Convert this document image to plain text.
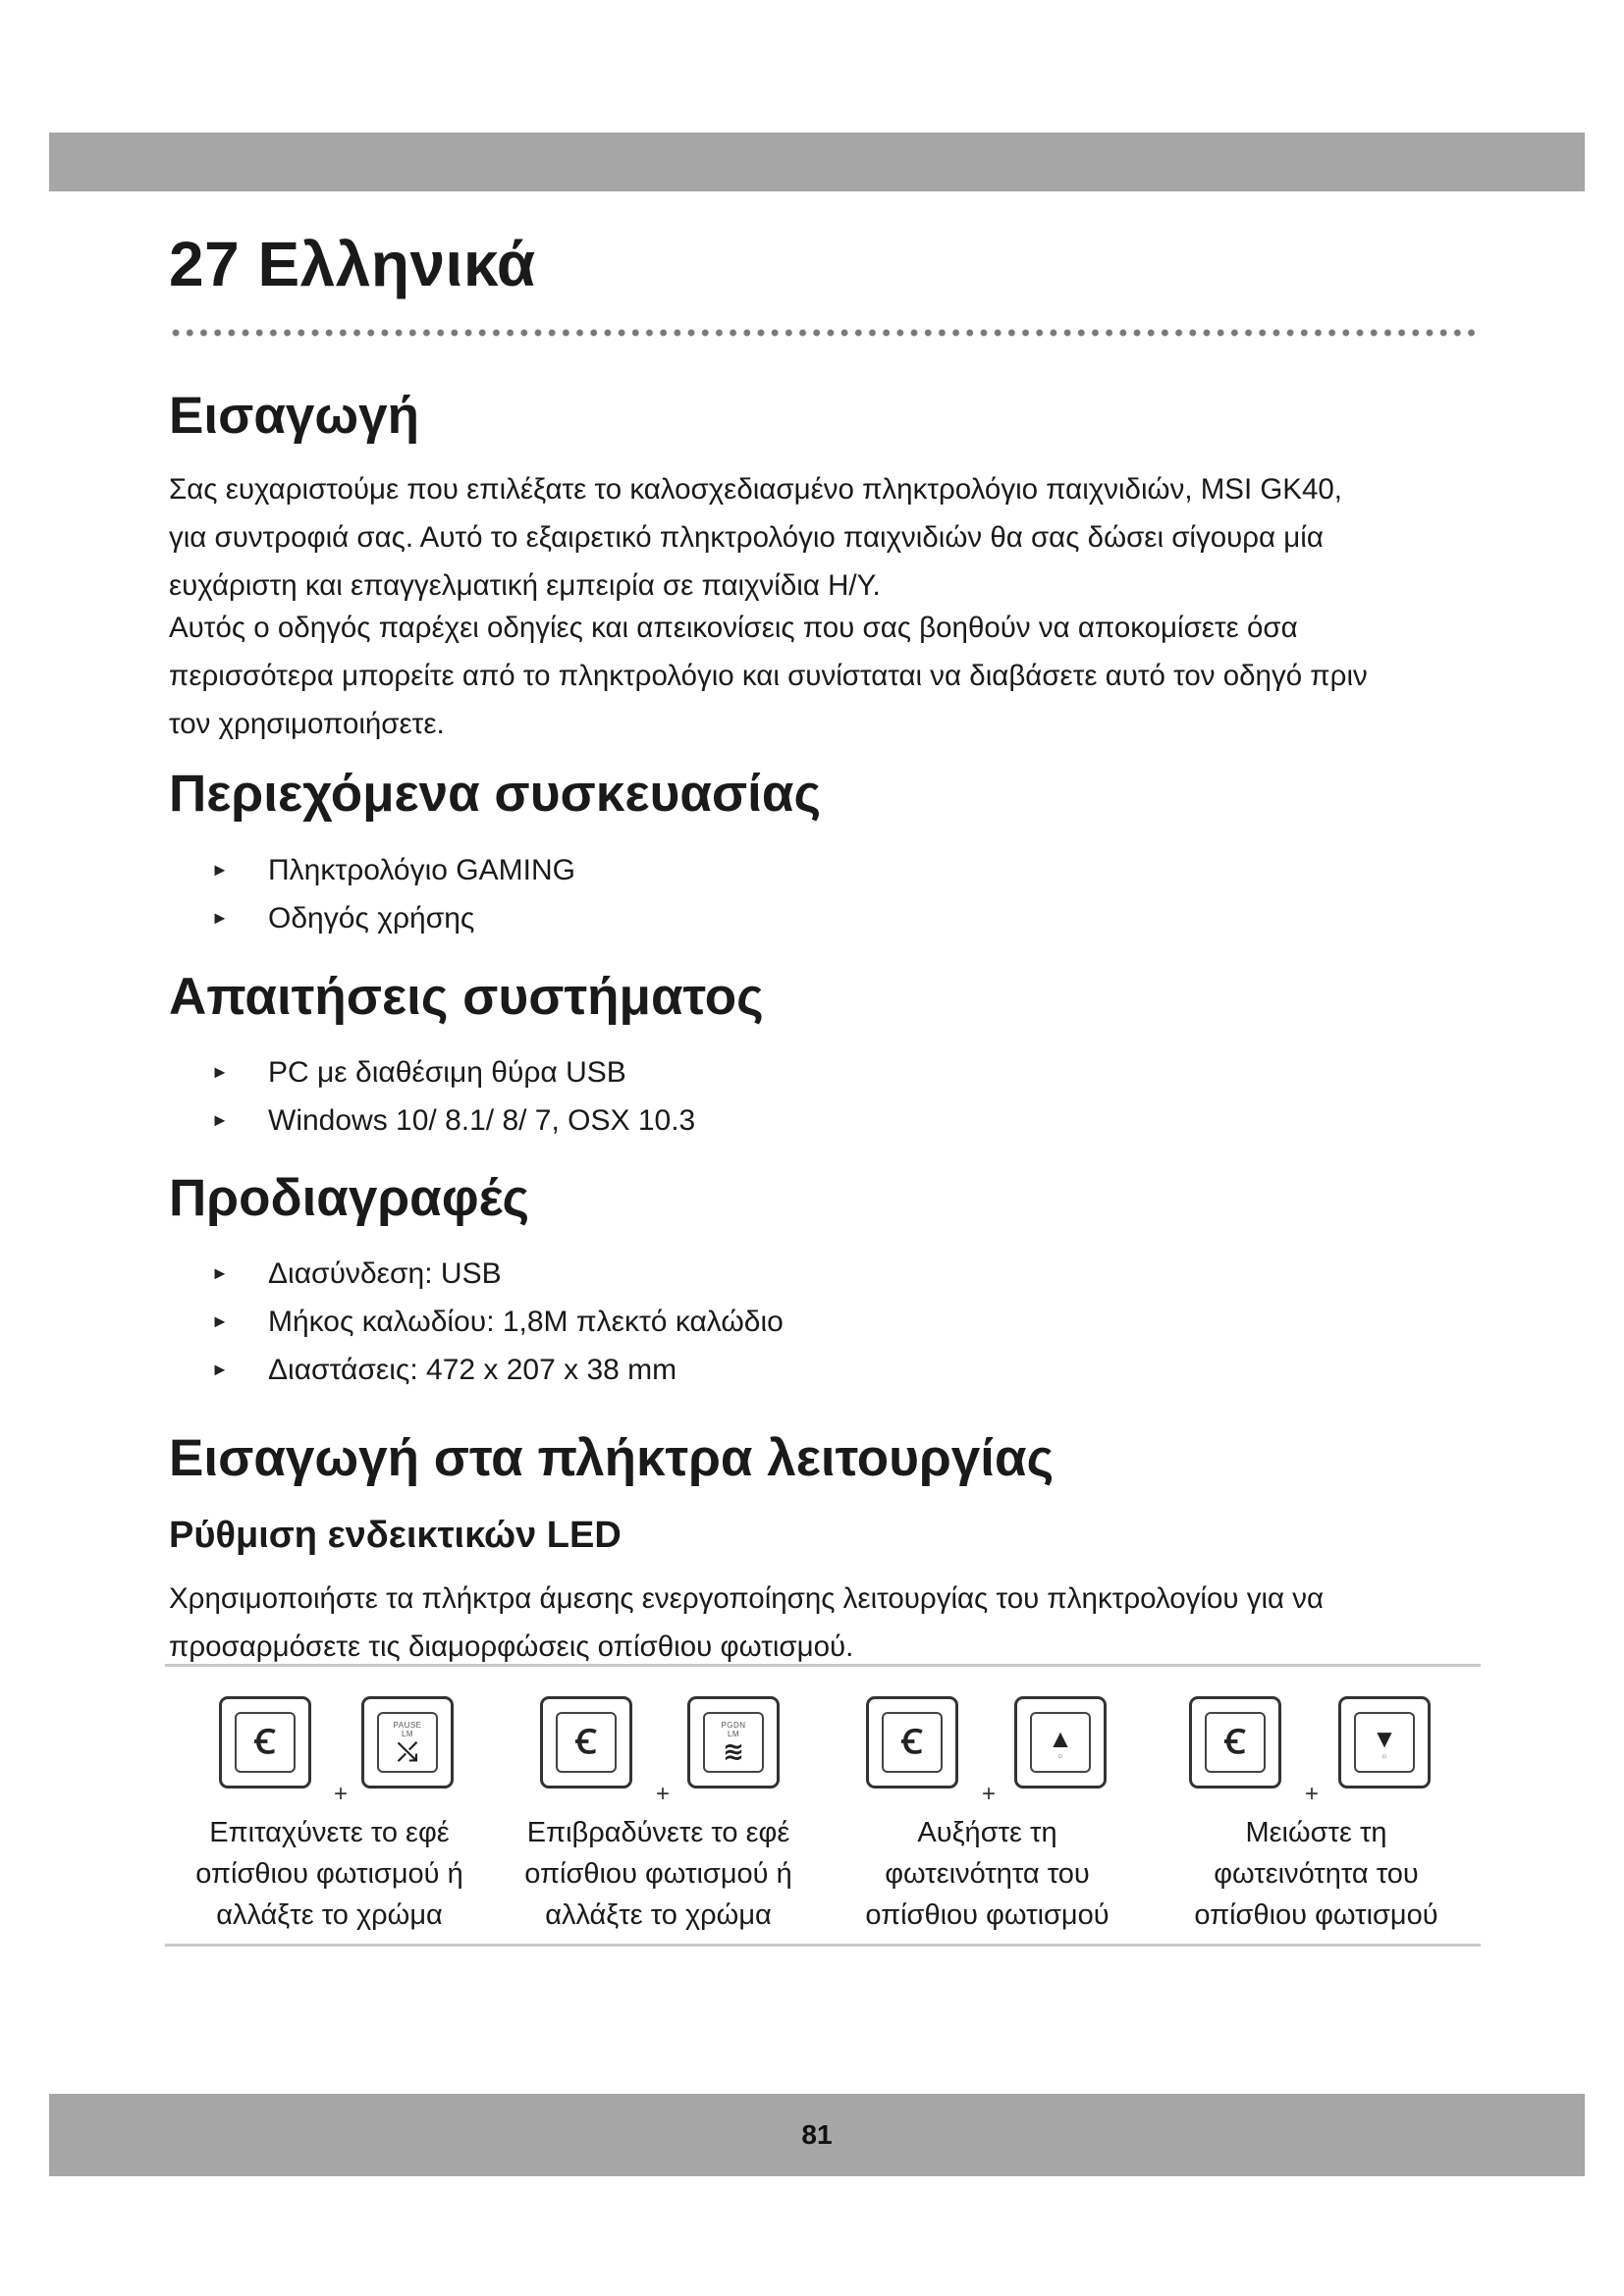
27 Ελληνικά
Εισαγωγή

Σας ευχαριστούμε που επιλέξατε το καλοσχεδιασμένο πληκτρολόγιο παιχνιδιών, MSI GK40,
για συντροφιά σας. Αυτό το εξαιρετικό πληκτρολόγιο παιχνιδιών θα σας δώσει σίγουρα μία
ευχάριστη και επαγγελματική εμπειρία σε παιχνίδια Η/Υ.

Αυτός ο οδηγός παρέχει οδηγίες και απεικονίσεις που σας βοηθούν να αποκομίσετε όσα
περισσότερα μπορείτε από το πληκτρολόγιο και συνίσταται να διαβάσετε αυτό τον οδηγό πριν
τον χρησιμοποιήσετε.

Περιεχόμενα συσκευασίας
► Πληκτρολόγιο GAMING
► Οδηγός χρήσης
Απαιτήσεις συστήματος
► PC με διαθέσιμη θύρα USB
► Windows 10/ 8.1/ 8/ 7, OSX 10.3
Προδιαγραφές
► Διασύνδεση: USB
► Μήκος καλωδίου: 1,8M πλεκτό καλώδιο
► Διαστάσεις: 472 x 207 x 38 mm
Εισαγωγή στα πλήκτρα λειτουργίας
Ρύθμιση ενδεικτικών LED

Χρησιμοποιήστε τα πλήκτρα άμεσης ενεργοποίησης λειτουργίας του πληκτρολογίου για να
προσαρμόσετε τις διαμορφώσεις οπίσθιου φωτισμού.

Ꞓ
+
PAUSE
LM
⤯
Επιταχύνετε το εφέ
οπίσθιου φωτισμού ή
αλλάξτε το χρώμα
Ꞓ
+
PGDN
LM
≋
Επιβραδύνετε το εφέ
οπίσθιου φωτισμού ή
αλλάξτε το χρώμα
Ꞓ
+
▲
☼
Αυξήστε τη
φωτεινότητα του
οπίσθιου φωτισμού
Ꞓ
+
▼
☼
Μειώστε τη
φωτεινότητα του
οπίσθιου φωτισμού
81
